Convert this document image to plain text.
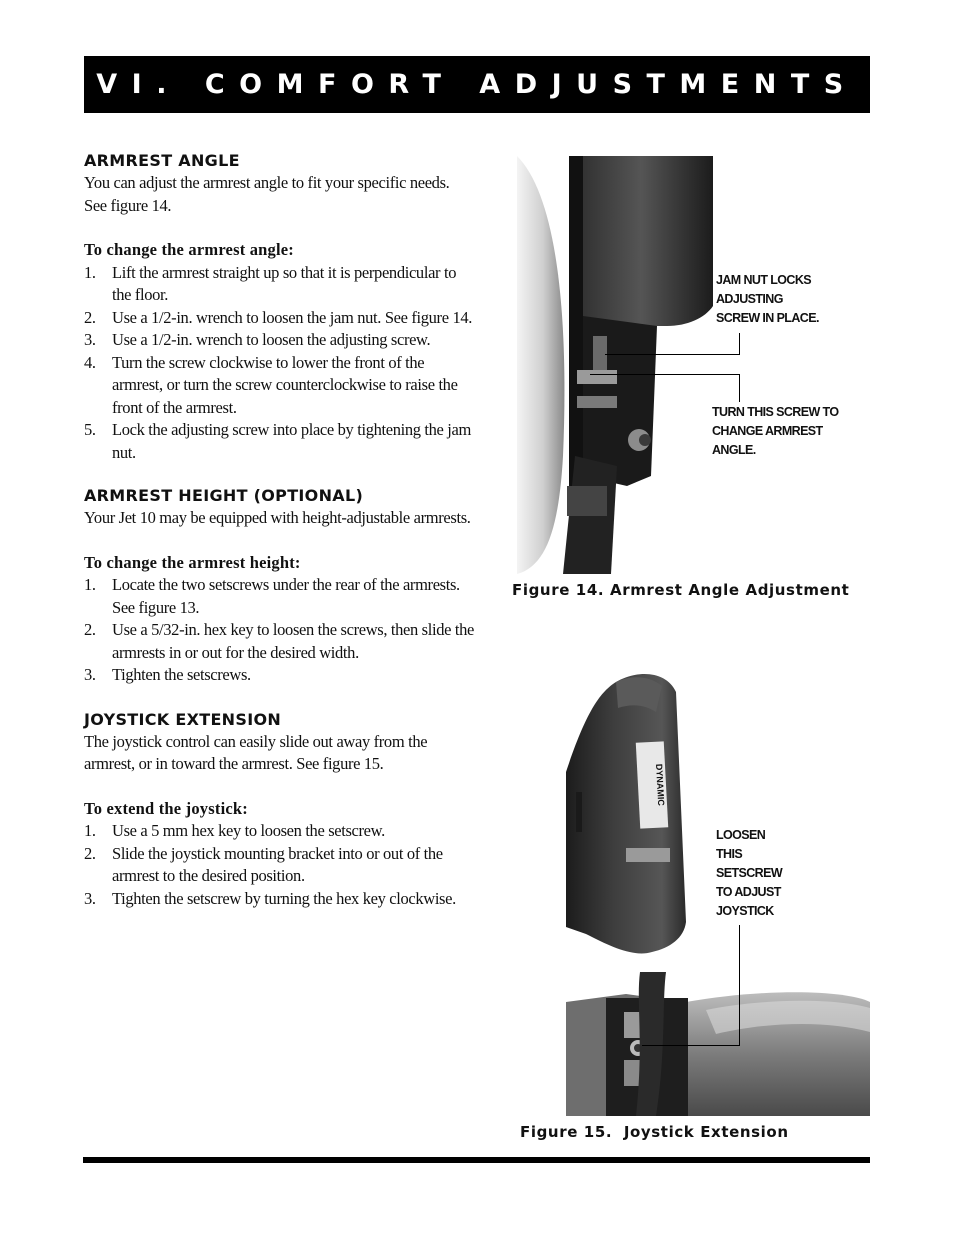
VI. COMFORT ADJUSTMENTS

ARMREST ANGLE

You can adjust the armrest angle to fit your specific needs. See figure 14.

To change the armrest angle:

1. Lift the armrest straight up so that it is perpendicular to the floor.
2. Use a 1/2-in. wrench to loosen the jam nut. See figure 14.
3. Use a 1/2-in. wrench to loosen the adjusting screw.
4. Turn the screw clockwise to lower the front of the armrest, or turn the screw counterclockwise to raise the front of the armrest.
5. Lock the adjusting screw into place by tightening the jam nut.

ARMREST HEIGHT (OPTIONAL)

Your Jet 10 may be equipped with height-adjustable armrests.

To change the armrest height:

1. Locate the two setscrews under the rear of the armrests. See figure 13.
2. Use a 5/32-in. hex key to loosen the screws, then slide the armrests in or out for the desired width.
3. Tighten the setscrews.

JOYSTICK EXTENSION

The joystick control can easily slide out away from the armrest, or in toward the armrest. See figure 15.

To extend the joystick:

1. Use a 5 mm hex key to loosen the setscrew.
2. Slide the joystick mounting bracket into or out of the armrest to the desired position.
3. Tighten the setscrew by turning the hex key clockwise.
JAM NUT LOCKS
ADJUSTING
SCREW IN PLACE.
TURN THIS SCREW TO
CHANGE ARMREST
ANGLE.
Figure 14. Armrest Angle Adjustment
DYNAMIC
LOOSEN
THIS
SETSCREW
TO ADJUST
JOYSTICK
Figure 15.  Joystick Extension
